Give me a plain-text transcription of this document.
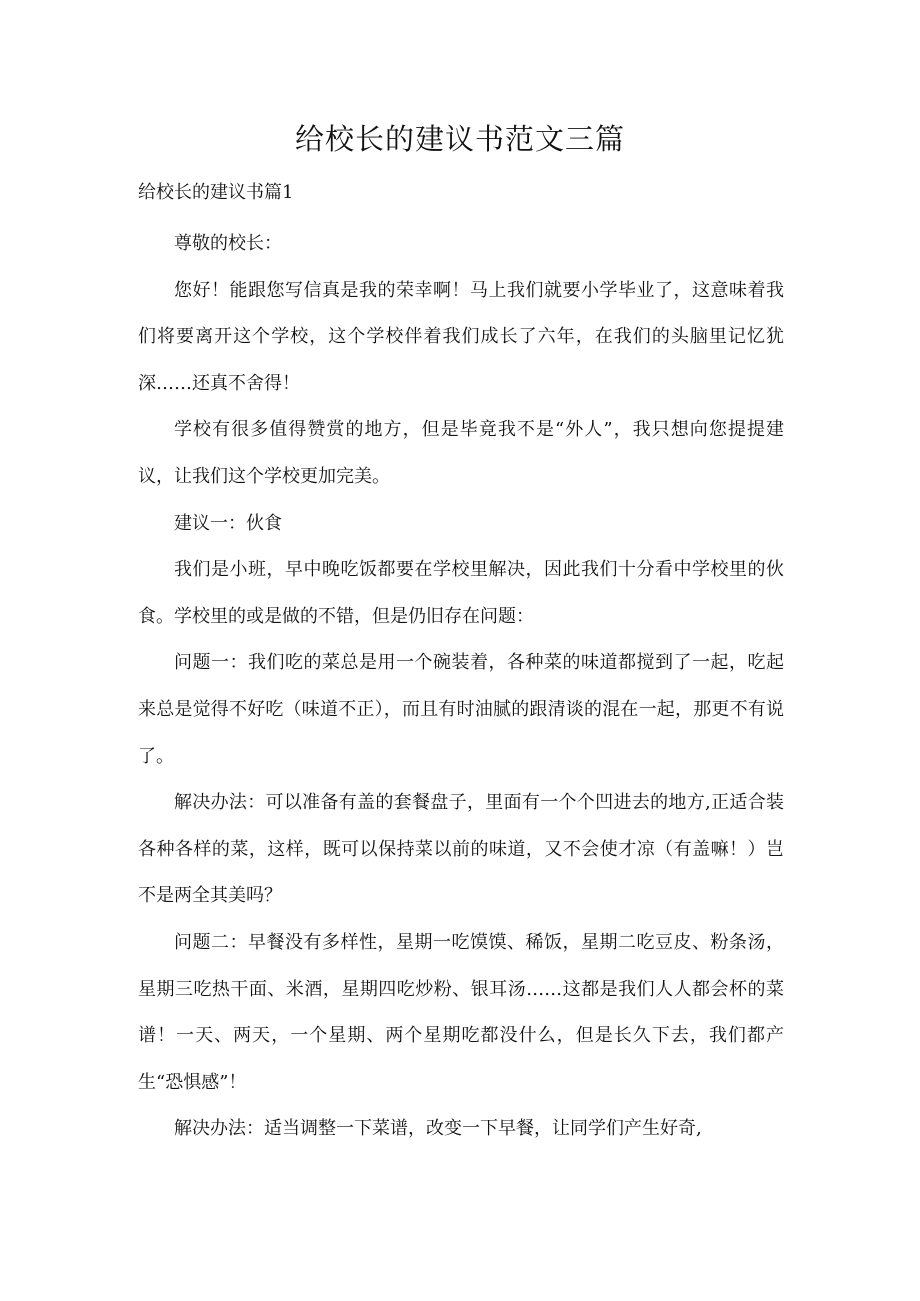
给校长的建议书范文三篇
给校长的建议书篇1

尊敬的校长：

您好！能跟您写信真是我的荣幸啊！马上我们就要小学毕业了，这意味着我们将要离开这个学校，这个学校伴着我们成长了六年，在我们的头脑里记忆犹深……还真不舍得！

学校有很多值得赞赏的地方，但是毕竟我不是“外人”，我只想向您提提建议，让我们这个学校更加完美。

建议一：伙食

我们是小班，早中晚吃饭都要在学校里解决，因此我们十分看中学校里的伙食。学校里的或是做的不错，但是仍旧存在问题：

问题一：我们吃的菜总是用一个碗装着，各种菜的味道都搅到了一起，吃起来总是觉得不好吃（味道不正），而且有时油腻的跟清谈的混在一起，那更不有说了。

解决办法：可以准备有盖的套餐盘子，里面有一个个凹进去的地方,正适合装各种各样的菜，这样，既可以保持菜以前的味道，又不会使才凉（有盖嘛！）岂不是两全其美吗？

问题二：早餐没有多样性，星期一吃馍馍、稀饭，星期二吃豆皮、粉条汤，星期三吃热干面、米酒，星期四吃炒粉、银耳汤……这都是我们人人都会杯的菜谱！一天、两天，一个星期、两个星期吃都没什么，但是长久下去，我们都产生“恐惧感”！

解决办法：适当调整一下菜谱，改变一下早餐，让同学们产生好奇,
